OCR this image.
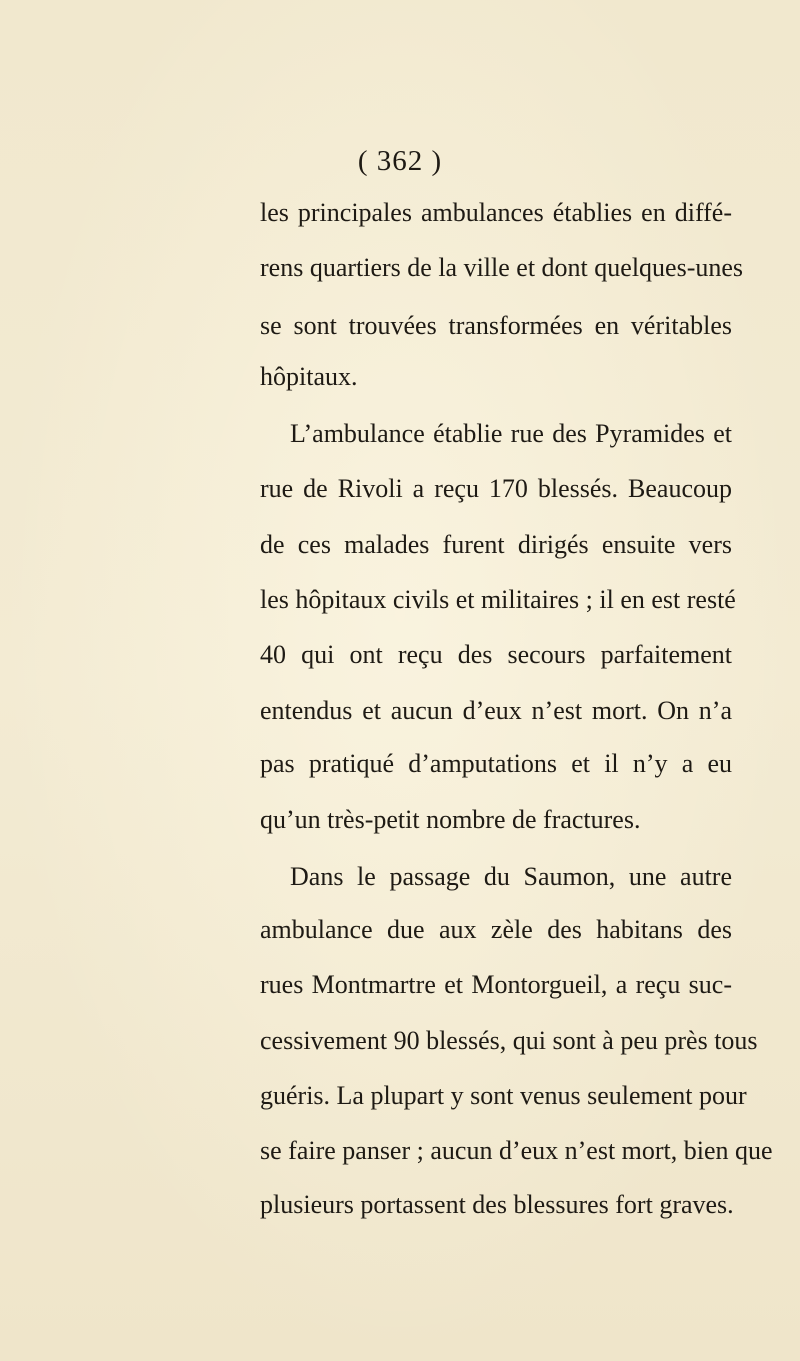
( 362 )
les principales ambulances établies en diffé-
rens quartiers de la ville et dont quelques-unes
se sont trouvées transformées en véritables
hôpitaux.
L’ambulance établie rue des Pyramides et
rue de Rivoli a reçu 170 blessés. Beaucoup
de ces malades furent dirigés ensuite vers
les hôpitaux civils et militaires ; il en est resté
40 qui ont reçu des secours parfaitement
entendus et aucun d’eux n’est mort. On n’a
pas pratiqué d’amputations et il n’y a eu
qu’un très-petit nombre de fractures.
Dans le passage du Saumon, une autre
ambulance due aux zèle des habitans des
rues Montmartre et Montorgueil, a reçu suc-
cessivement 90 blessés, qui sont à peu près tous
guéris. La plupart y sont venus seulement pour
se faire panser ; aucun d’eux n’est mort, bien que
plusieurs portassent des blessures fort graves.
